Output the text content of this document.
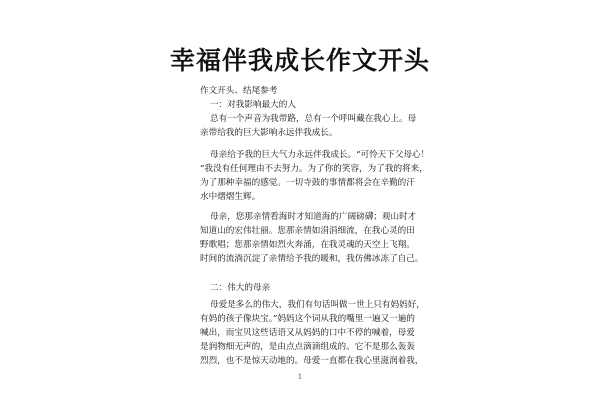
幸福伴我成长作文开头
作文开头、结尾参考
一：对我影响最大的人
总有一个声音为我带路，总有一个呼叫藏在我心上。母
亲带给我的巨大影响永远伴我成长。
母亲给予我的巨大气力永远伴我成长。“可怜天下父母心！
”我没有任何理由不去努力。为了你的笑容，为了我的将来，
为了那种幸福的感觉。一切寺鼓的事情都将会在辛勤的汗
水中熠熠生辉。
母亲，您那亲情看海时才知道海的广阔磅礴；观山时才
知道山的宏伟壮丽。您那亲情如涓涓细流，在我心灵的田
野歌唱；您那亲情如烈火奔涌，在我灵魂的天空上飞翔。
时间的流淌沉淀了亲情给予我的暖和，我仿佛冰冻了自己。
二：伟大的母亲
母爱是多么的伟大，我们有句话叫做一世上只有妈妈好，
有妈的孩子像块宝。”妈妈这个词从我的嘴里一遍又一遍的
喊出，而宝贝这些话语又从妈妈的口中不停的喊着，母爱
是润物细无声的，是由点点滴滴组成的。它不是那么轰轰
烈烈，也不是惊天动地的。母爱一直都在我心里滋润着我，
1
